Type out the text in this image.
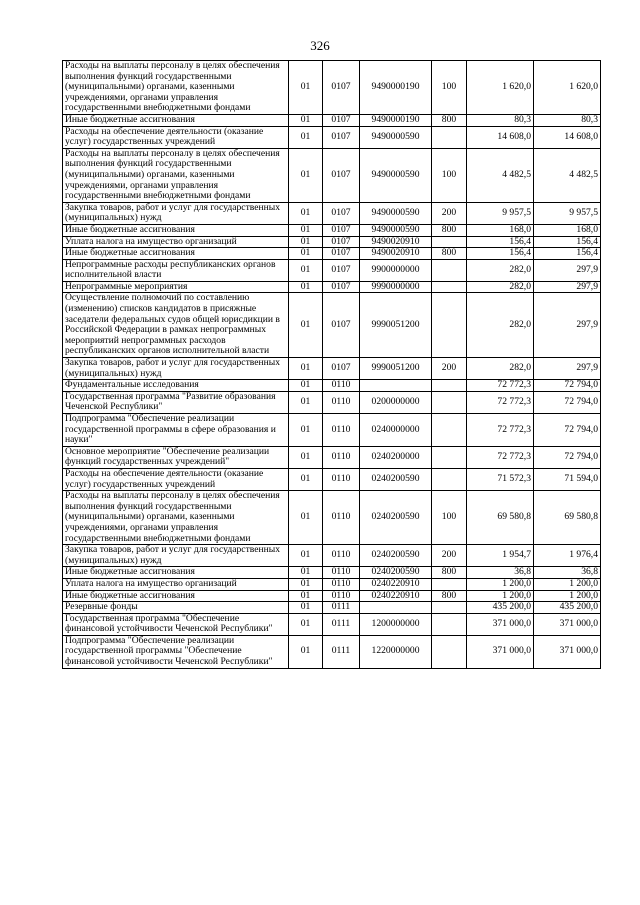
326
Расходы на выплаты персоналу в целях обеспечения выполнения функций государственными (муниципальными) органами, казенными учреждениями, органами управления государственными внебюджетными фондами	01	0107	9490000190	100	1 620,0	1 620,0
Иные бюджетные ассигнования	01	0107	9490000190	800	80,3	80,3
Расходы на обеспечение деятельности (оказание услуг) государственных учреждений	01	0107	9490000590		14 608,0	14 608,0
Расходы на выплаты персоналу в целях обеспечения выполнения функций государственными (муниципальными) органами, казенными учреждениями, органами управления государственными внебюджетными фондами	01	0107	9490000590	100	4 482,5	4 482,5
Закупка товаров, работ и услуг для государственных (муниципальных) нужд	01	0107	9490000590	200	9 957,5	9 957,5
Иные бюджетные ассигнования	01	0107	9490000590	800	168,0	168,0
Уплата налога на имущество организаций	01	0107	9490020910		156,4	156,4
Иные бюджетные ассигнования	01	0107	9490020910	800	156,4	156,4
Непрограммные расходы республиканских органов исполнительной власти	01	0107	9900000000		282,0	297,9
Непрограммные мероприятия	01	0107	9990000000		282,0	297,9
Осуществление полномочий по составлению (изменению) списков кандидатов в присяжные заседатели федеральных судов общей юрисдикции в Российской Федерации в рамках непрограммных мероприятий непрограммных расходов республиканских органов исполнительной власти	01	0107	9990051200		282,0	297,9
Закупка товаров, работ и услуг для государственных (муниципальных) нужд	01	0107	9990051200	200	282,0	297,9
Фундаментальные исследования	01	0110			72 772,3	72 794,0
Государственная программа "Развитие образования Чеченской Республики"	01	0110	0200000000		72 772,3	72 794,0
Подпрограмма "Обеспечение реализации государственной программы в сфере образования и науки"	01	0110	0240000000		72 772,3	72 794,0
Основное мероприятие "Обеспечение реализации функций государственных учреждений"	01	0110	0240200000		72 772,3	72 794,0
Расходы на обеспечение деятельности (оказание услуг) государственных учреждений	01	0110	0240200590		71 572,3	71 594,0
Расходы на выплаты персоналу в целях обеспечения выполнения функций государственными (муниципальными) органами, казенными учреждениями, органами управления государственными внебюджетными фондами	01	0110	0240200590	100	69 580,8	69 580,8
Закупка товаров, работ и услуг для государственных (муниципальных) нужд	01	0110	0240200590	200	1 954,7	1 976,4
Иные бюджетные ассигнования	01	0110	0240200590	800	36,8	36,8
Уплата налога на имущество организаций	01	0110	0240220910		1 200,0	1 200,0
Иные бюджетные ассигнования	01	0110	0240220910	800	1 200,0	1 200,0
Резервные фонды	01	0111			435 200,0	435 200,0
Государственная программа "Обеспечение финансовой устойчивости Чеченской Республики"	01	0111	1200000000		371 000,0	371 000,0
Подпрограмма "Обеспечение реализации государственной программы "Обеспечение финансовой устойчивости Чеченской Республики"	01	0111	1220000000		371 000,0	371 000,0
